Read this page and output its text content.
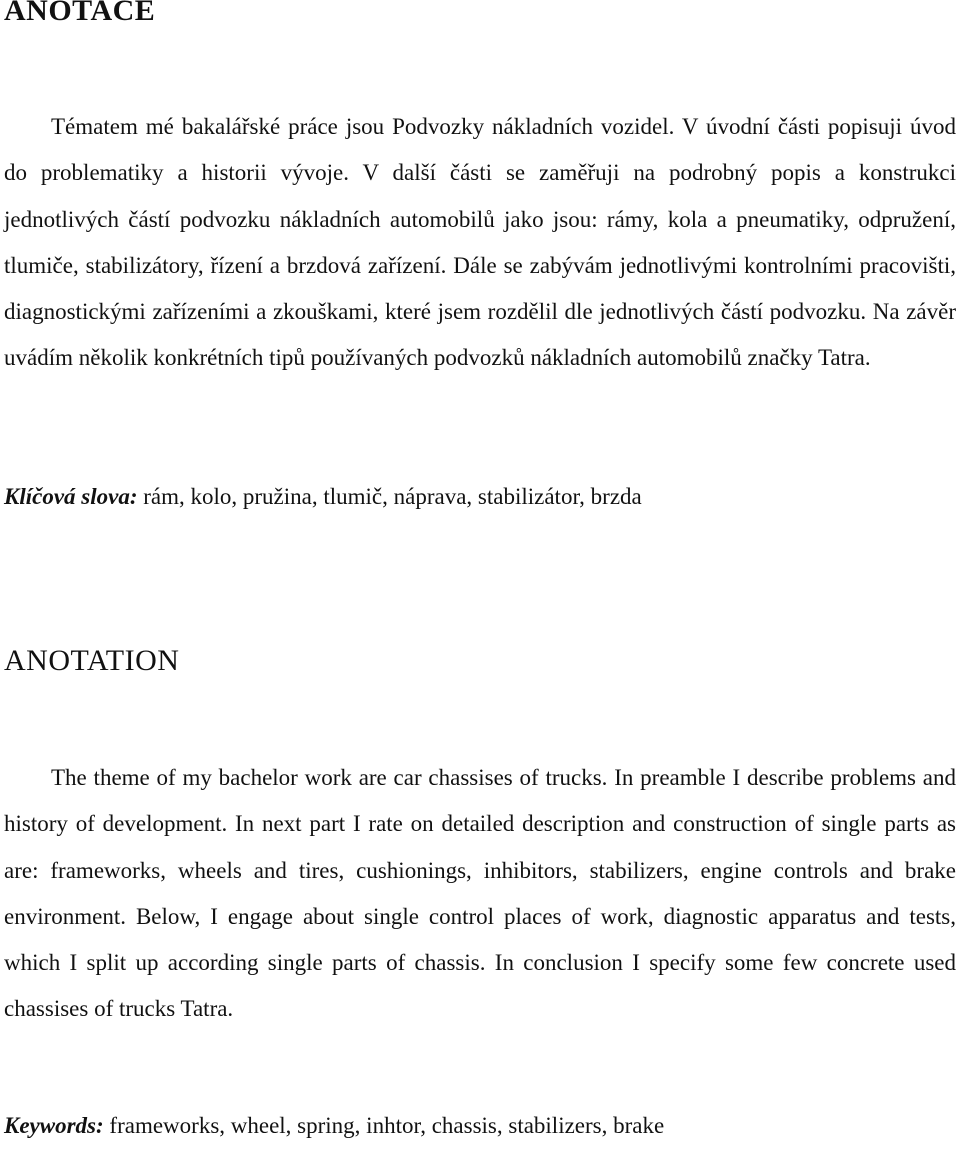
ANOTACE

Tématem mé bakalářské práce jsou Podvozky nákladních vozidel. V úvodní části popisuji úvod do problematiky a historii vývoje. V další části se zaměřuji na podrobný popis a konstrukci jednotlivých částí podvozku nákladních automobilů jako jsou: rámy, kola a pneumatiky, odpružení, tlumiče, stabilizátory, řízení a brzdová zařízení. Dále se zabývám jednotlivými kontrolními pracovišti, diagnostickými zařízeními a zkouškami, které jsem rozdělil dle jednotlivých částí podvozku. Na závěr uvádím několik konkrétních tipů používaných podvozků nákladních automobilů značky Tatra.

Klíčová slova: rám, kolo, pružina, tlumič, náprava, stabilizátor, brzda

ANOTATION

The theme of my bachelor work are car chassises of trucks. In preamble I describe problems and history of development. In next part I rate on detailed description and construction of single parts as are: frameworks, wheels and tires, cushionings, inhibitors, stabilizers, engine controls and brake environment. Below, I engage about single control places of work, diagnostic apparatus and tests, which I split up according single parts of chassis. In conclusion I specify some few concrete used chassises of trucks Tatra.

Keywords: frameworks, wheel, spring, inhtor, chassis, stabilizers, brake
